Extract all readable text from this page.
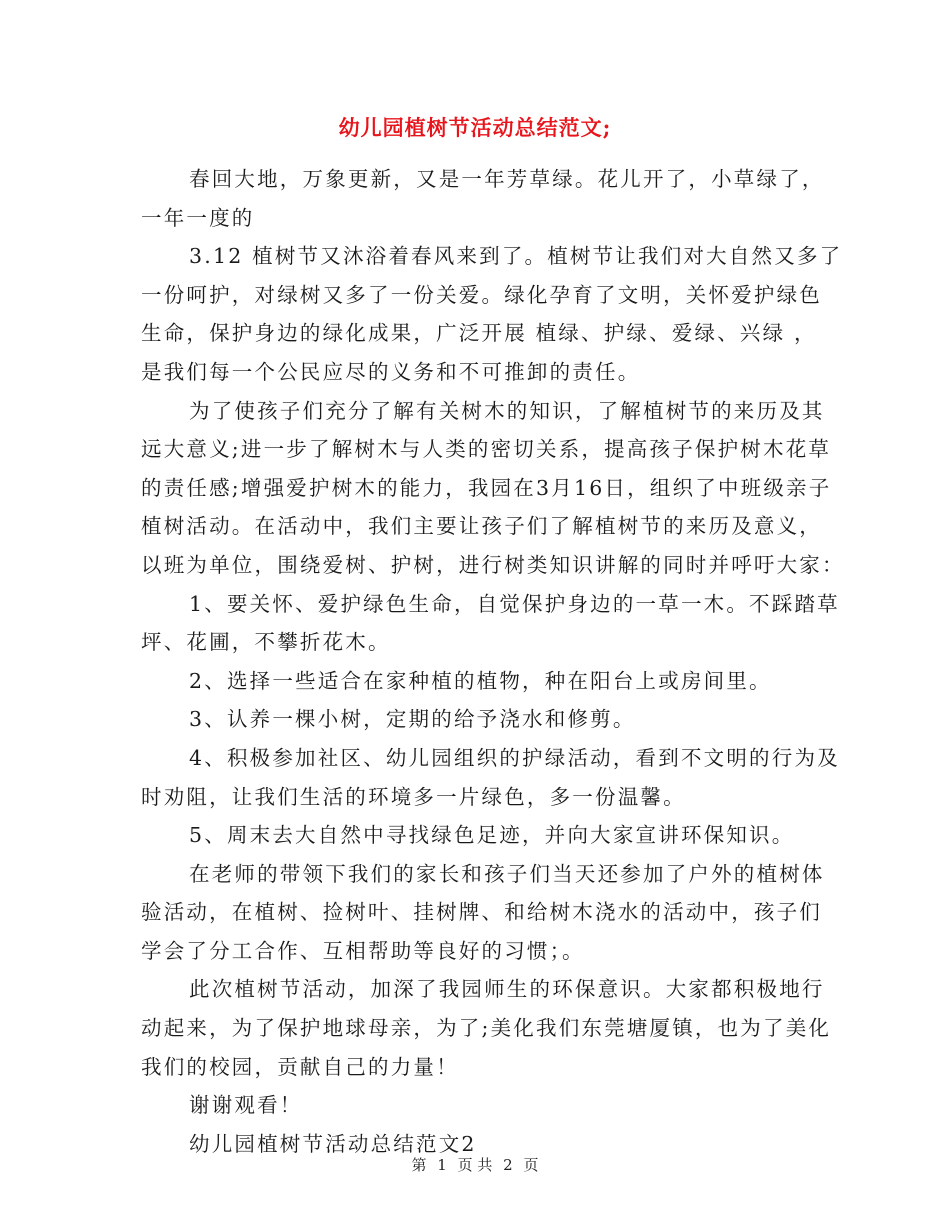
幼儿园植树节活动总结范文;
春回大地，万象更新，又是一年芳草绿。花儿开了，小草绿了，
一年一度的
3.12 植树节又沐浴着春风来到了。植树节让我们对大自然又多了
一份呵护，对绿树又多了一份关爱。绿化孕育了文明，关怀爱护绿色
生命，保护身边的绿化成果，广泛开展 植绿、护绿、爱绿、兴绿 ，
是我们每一个公民应尽的义务和不可推卸的责任。
为了使孩子们充分了解有关树木的知识，了解植树节的来历及其
远大意义;进一步了解树木与人类的密切关系，提高孩子保护树木花草
的责任感;增强爱护树木的能力，我园在3月16日，组织了中班级亲子
植树活动。在活动中，我们主要让孩子们了解植树节的来历及意义，
以班为单位，围绕爱树、护树，进行树类知识讲解的同时并呼吁大家：
1、要关怀、爱护绿色生命，自觉保护身边的一草一木。不踩踏草
坪、花圃，不攀折花木。
2、选择一些适合在家种植的植物，种在阳台上或房间里。
3、认养一棵小树，定期的给予浇水和修剪。
4、积极参加社区、幼儿园组织的护绿活动，看到不文明的行为及
时劝阻，让我们生活的环境多一片绿色，多一份温馨。
5、周末去大自然中寻找绿色足迹，并向大家宣讲环保知识。
在老师的带领下我们的家长和孩子们当天还参加了户外的植树体
验活动，在植树、捡树叶、挂树牌、和给树木浇水的活动中，孩子们
学会了分工合作、互相帮助等良好的习惯；。
此次植树节活动，加深了我园师生的环保意识。大家都积极地行
动起来，为了保护地球母亲，为了;美化我们东莞塘厦镇，也为了美化
我们的校园，贡献自己的力量！
谢谢观看！
幼儿园植树节活动总结范文2
第 1 页 共 2 页
